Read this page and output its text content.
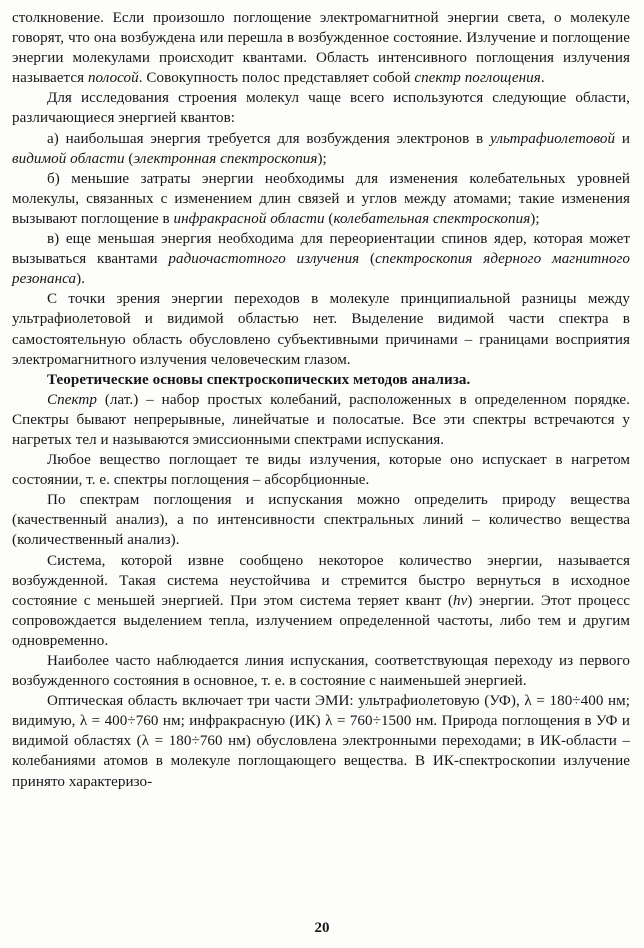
столкновение. Если произошло поглощение электромагнитной энергии света, о молекуле говорят, что она возбуждена или перешла в возбужденное состояние. Излучение и поглощение энергии молекулами происходит квантами. Область интенсивного поглощения излучения называется полосой. Совокупность полос представляет собой спектр поглощения.

Для исследования строения молекул чаще всего используются следующие области, различающиеся энергией квантов:

а) наибольшая энергия требуется для возбуждения электронов в ультрафиолетовой и видимой области (электронная спектроскопия);

б) меньшие затраты энергии необходимы для изменения колебательных уровней молекулы, связанных с изменением длин связей и углов между атомами; такие изменения вызывают поглощение в инфракрасной области (колебательная спектроскопия);

в) еще меньшая энергия необходима для переориентации спинов ядер, которая может вызываться квантами радиочастотного излучения (спектроскопия ядерного магнитного резонанса).

С точки зрения энергии переходов в молекуле принципиальной разницы между ультрафиолетовой и видимой областью нет. Выделение видимой части спектра в самостоятельную область обусловлено субъективными причинами – границами восприятия электромагнитного излучения человеческим глазом.

Теоретические основы спектроскопических методов анализа.

Спектр (лат.) – набор простых колебаний, расположенных в определенном порядке. Спектры бывают непрерывные, линейчатые и полосатые. Все эти спектры встречаются у нагретых тел и называются эмиссионными спектрами испускания.

Любое вещество поглощает те виды излучения, которые оно испускает в нагретом состоянии, т. е. спектры поглощения – абсорбционные.

По спектрам поглощения и испускания можно определить природу вещества (качественный анализ), а по интенсивности спектральных линий – количество вещества (количественный анализ).

Система, которой извне сообщено некоторое количество энергии, называется возбужденной. Такая система неустойчива и стремится быстро вернуться в исходное состояние с меньшей энергией. При этом система теряет квант (hv) энергии. Этот процесс сопровождается выделением тепла, излучением определенной частоты, либо тем и другим одновременно.

Наиболее часто наблюдается линия испускания, соответствующая переходу из первого возбужденного состояния в основное, т. е. в состояние с наименьшей энергией.

Оптическая область включает три части ЭМИ: ультрафиолетовую (УФ), λ = 180÷400 нм; видимую, λ = 400÷760 нм; инфракрасную (ИК) λ = 760÷1500 нм. Природа поглощения в УФ и видимой областях (λ = 180÷760 нм) обусловлена электронными переходами; в ИК-области – колебаниями атомов в молекуле поглощающего вещества. В ИК-спектроскопии излучение принято характеризо-

20
